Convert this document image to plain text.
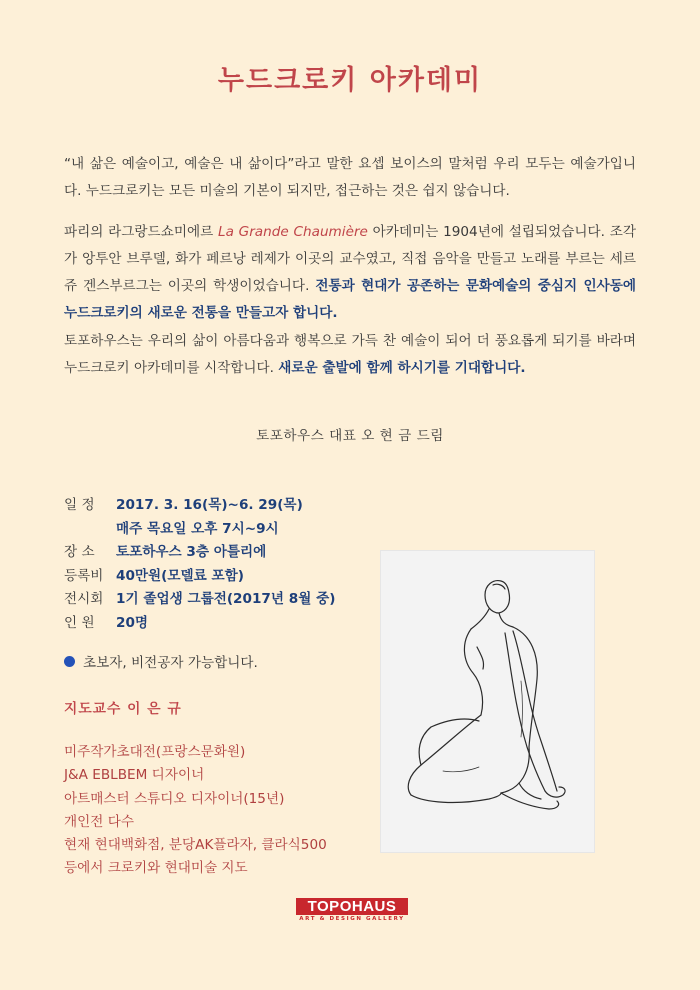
누드크로키 아카데미
“내 삶은 예술이고, 예술은 내 삶이다”라고 말한 요셉 보이스의 말처럼 우리 모두는 예술가입니다. 누드크로키는 모든 미술의 기본이 되지만, 접근하는 것은 쉽지 않습니다.
파리의 라그랑드쇼미에르 La Grande Chaumière 아카데미는 1904년에 설립되었습니다. 조각가 앙투안 브루델, 화가 페르낭 레제가 이곳의 교수였고, 직접 음악을 만들고 노래를 부르는 세르쥬 겐스부르그는 이곳의 학생이었습니다. 전통과 현대가 공존하는 문화예술의 중심지 인사동에 누드크로키의 새로운 전통을 만들고자 합니다.
토포하우스는 우리의 삶이 아름다움과 행복으로 가득 찬 예술이 되어 더 풍요롭게 되기를 바라며 누드크로키 아카데미를 시작합니다. 새로운 출발에 함께 하시기를 기대합니다.
토포하우스 대표 오 현 금 드림
일 정	2017. 3. 16(목)~6. 29(목)
매주 목요일 오후 7시~9시
장 소	토포하우스 3층 아틀리에
등록비 40만원(모델료 포함)
전시회 1기 졸업생 그룹전(2017년 8월 중)
인 원	20명
초보자, 비전공자 가능합니다.
지도교수 이 은 규
미주작가초대전(프랑스문화원)
J&A EBLBEM 디자이너
아트매스터 스튜디오 디자이너(15년)
개인전 다수
현재 현대백화점, 분당AK플라자, 클라식500
등에서 크로키와 현대미술 지도
TOPOHAUS
ART & DESIGN GALLERY
